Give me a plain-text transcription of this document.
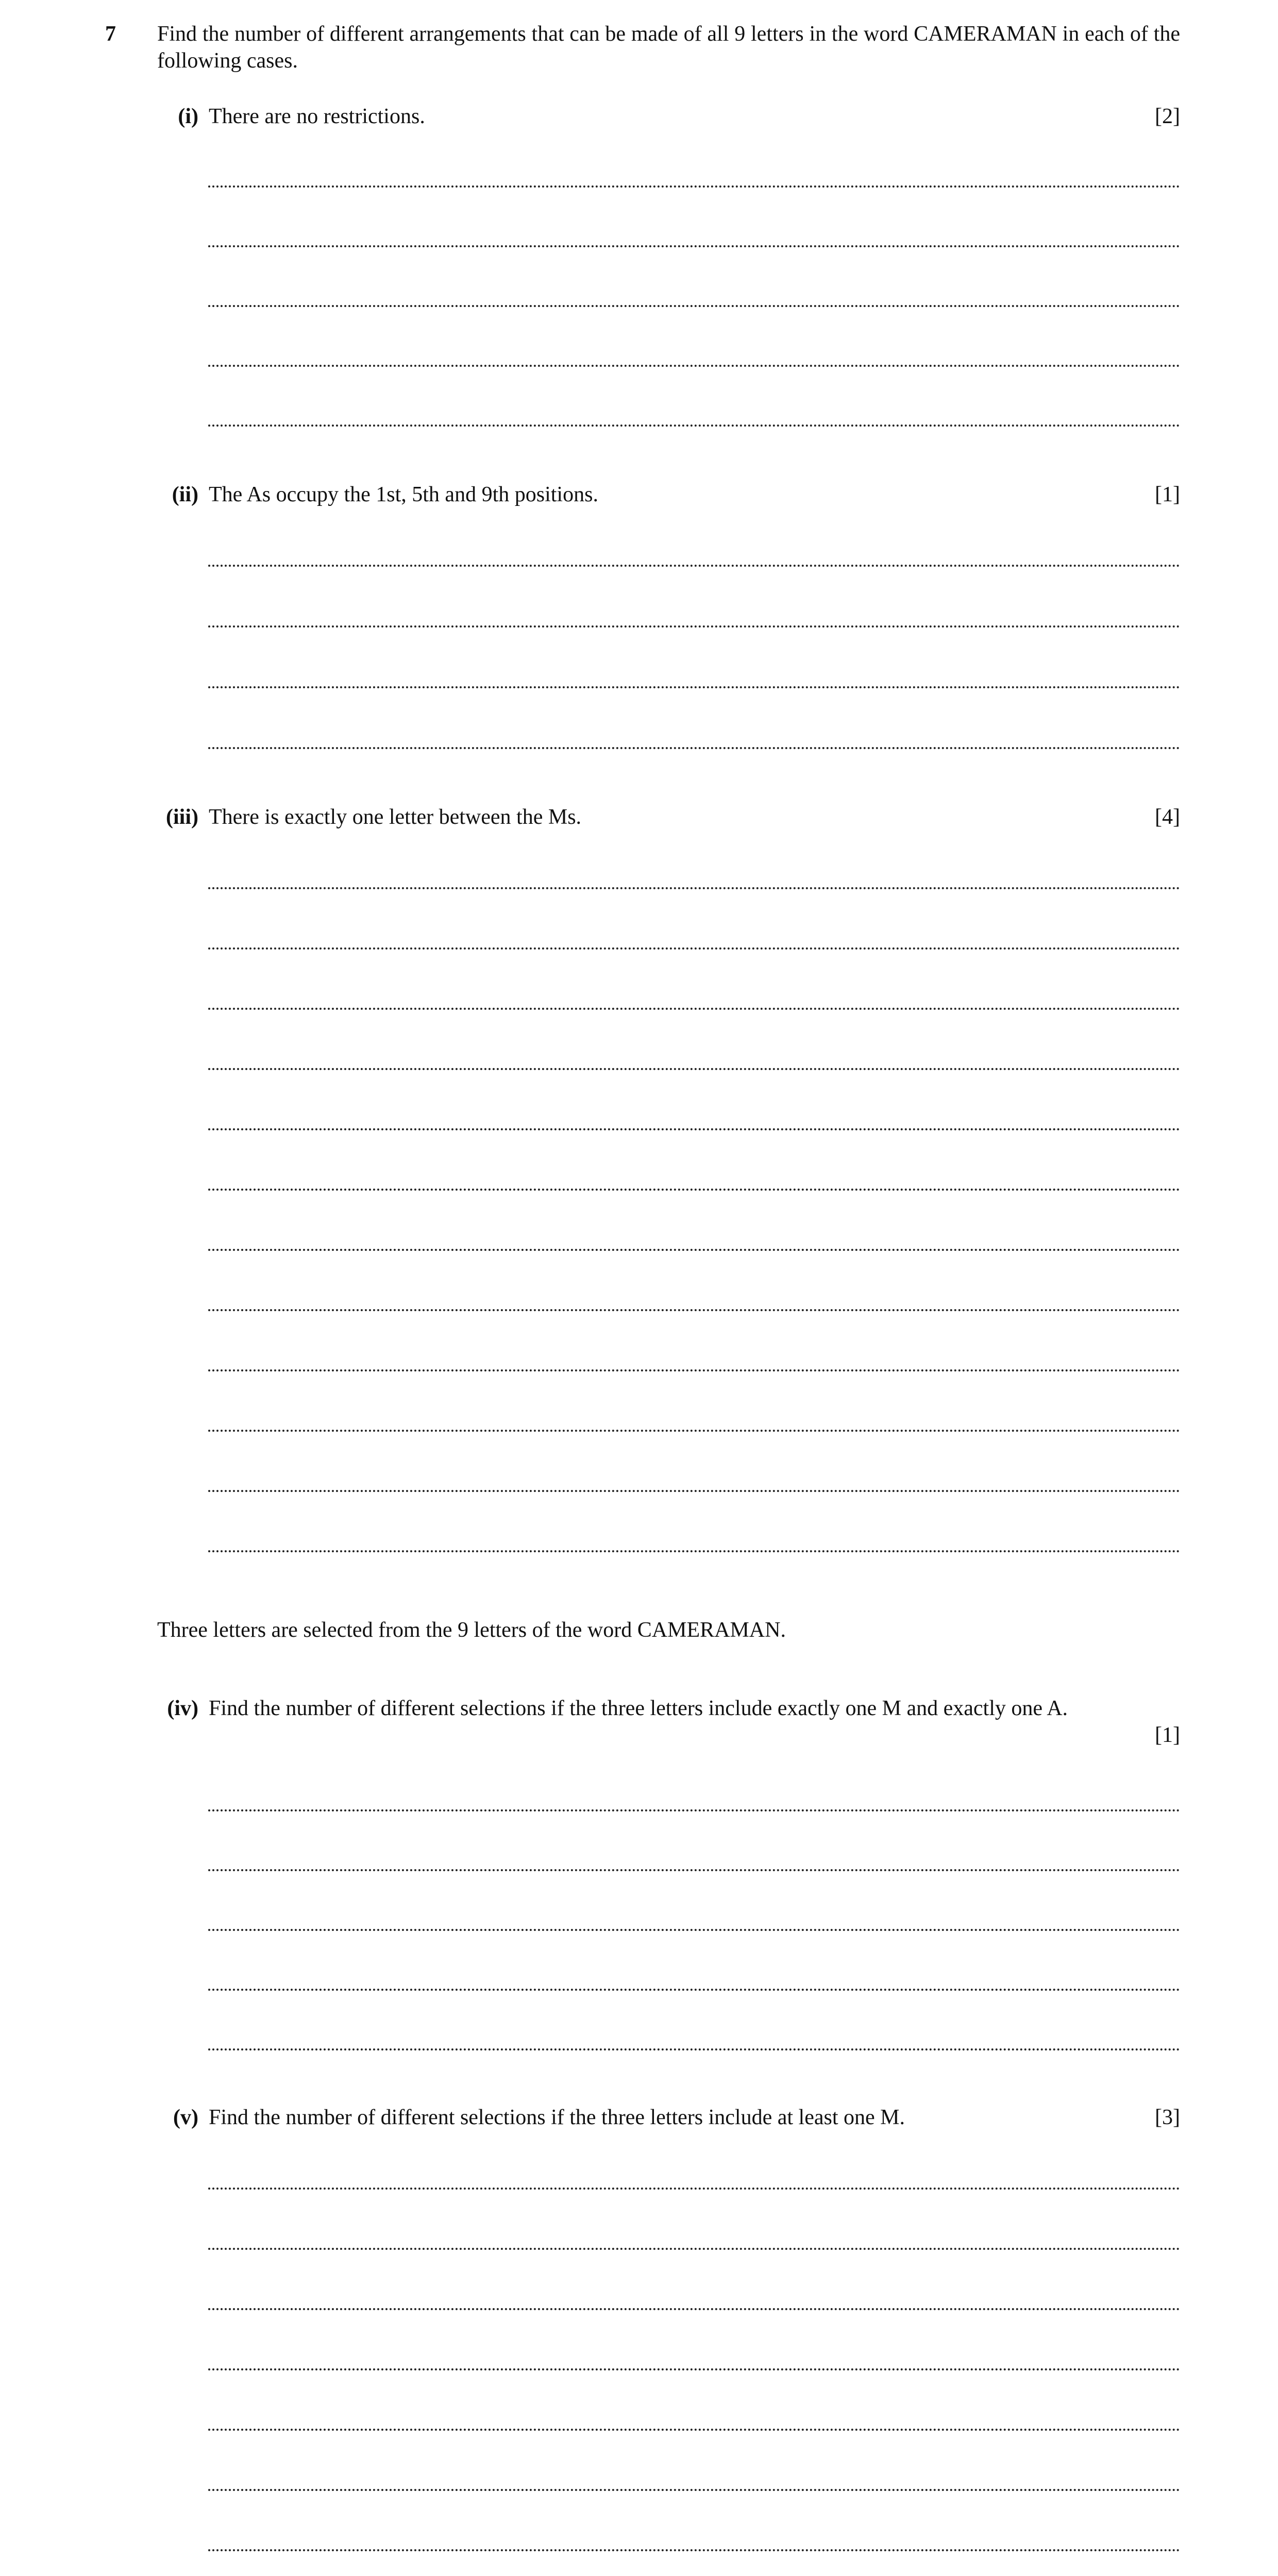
7 Find the number of different arrangements that can be made of all 9 letters in the word CAMERAMAN in each of the following cases.
(i) There are no restrictions.	[2]
(ii) The As occupy the 1st, 5th and 9th positions.	[1]
(iii) There is exactly one letter between the Ms.	[4]
Three letters are selected from the 9 letters of the word CAMERAMAN.
(iv) Find the number of different selections if the three letters include exactly one M and exactly one A.
[1]
(v) Find the number of different selections if the three letters include at least one M.	[3]
